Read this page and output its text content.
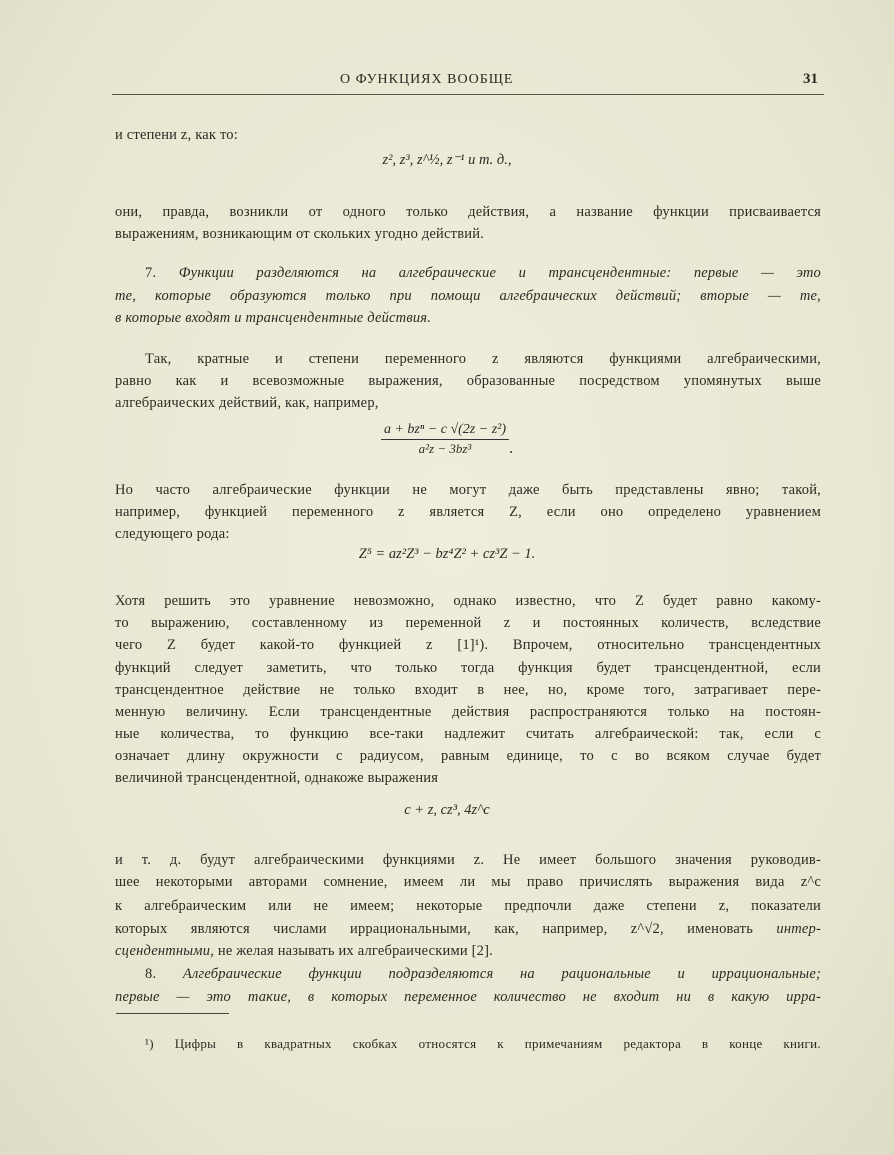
О ФУНКЦИЯХ ВООБЩЕ	31
и степени z, как то:
z², z³, z^½, z⁻¹ и т. д.,
они, правда, возникли от одного только действия, а название функции присваивается
выражениям, возникающим от скольких угодно действий.
7. Функции разделяются на алгебраические и трансцендентные: первые — это
те, которые образуются только при помощи алгебраических действий; вторые — те,
в которые входят и трансцендентные действия.
Так, кратные и степени переменного z являются функциями алгебраическими,
равно как и всевозможные выражения, образованные посредством упомянутых выше
алгебраических действий, как, например,
$\frac{\text{a + bzⁿ − c √(2z − z²)}}{\text{a²z − 3bz³}}$ .
Но часто алгебраические функции не могут даже быть представлены явно; такой,
например, функцией переменного z является Z, если оно определено уравнением
следующего рода:
Z⁵ = az²Z³ − bz⁴Z² + cz³Z − 1.
Хотя решить это уравнение невозможно, однако известно, что Z будет равно какому-
то выражению, составленному из переменной z и постоянных количеств, вследствие
чего Z будет какой-то функцией z [1]¹). Впрочем, относительно трансцендентных
функций следует заметить, что только тогда функция будет трансцендентной, если
трансцендентное действие не только входит в нее, но, кроме того, затрагивает пере-
менную величину. Если трансцендентные действия распространяются только на постоян-
ные количества, то функцию все-таки надлежит считать алгебраической: так, если c
означает длину окружности с радиусом, равным единице, то c во всяком случае будет
величиной трансцендентной, однакоже выражения
c + z, cz³, 4z^c
и т. д. будут алгебраическими функциями z. Не имеет большого значения руководив-
шее некоторыми авторами сомнение, имеем ли мы право причислять выражения вида z^c
к алгебраическим или не имеем; некоторые предпочли даже степени z, показатели
которых являются числами иррациональными, как, например, z^√2, именовать интер-
сцендентными, не желая называть их алгебраическими [2].
8. Алгебраические функции подразделяются на рациональные и иррациональные;
первые — это такие, в которых переменное количество не входит ни в какую ирра-
¹) Цифры в квадратных скобках относятся к примечаниям редактора в конце книги.
